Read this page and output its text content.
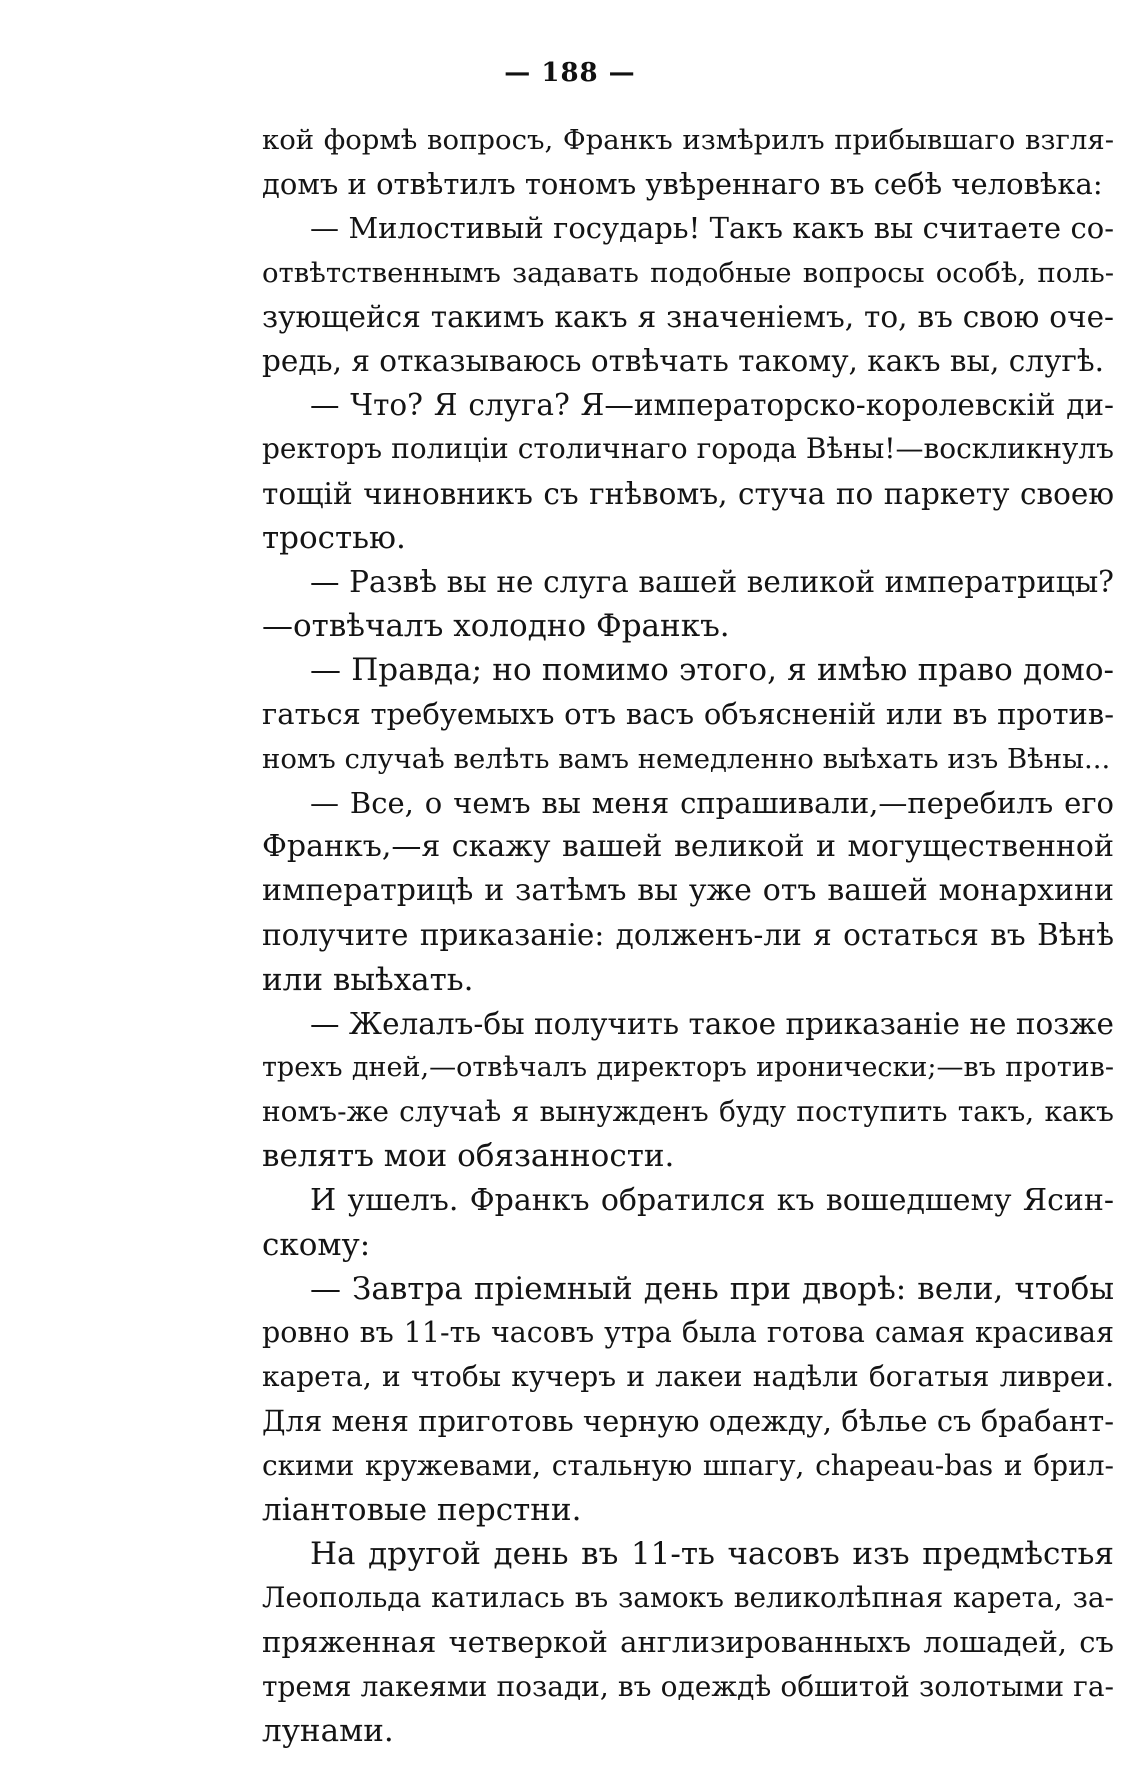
— 188 —
кой формѣ вопросъ, Франкъ измѣрилъ прибывшаго взгля-
домъ и отвѣтилъ тономъ увѣреннаго въ себѣ человѣка:
— Милостивый государь! Такъ какъ вы считаете со-
отвѣтственнымъ задавать подобные вопросы особѣ, поль-
зующейся такимъ какъ я значенiемъ, то, въ свою оче-
редь, я отказываюсь отвѣчать такому, какъ вы, слугѣ.
— Что? Я слуга? Я—императорско-королевскiй ди-
ректоръ полицiи столичнаго города Вѣны!—воскликнулъ
тощiй чиновникъ съ гнѣвомъ, стуча по паркету своею
тростью.
— Развѣ вы не слуга вашей великой императрицы?
—отвѣчалъ холодно Франкъ.
— Правда; но помимо этого, я имѣю право домо-
гаться требуемыхъ отъ васъ объясненiй или въ против-
номъ случаѣ велѣть вамъ немедленно выѣхать изъ Вѣны...
— Все, о чемъ вы меня спрашивали,—перебилъ его
Франкъ,—я скажу вашей великой и могущественной
императрицѣ и затѣмъ вы уже отъ вашей монархини
получите приказанiе: долженъ-ли я остаться въ Вѣнѣ
или выѣхать.
— Желалъ-бы получить такое приказанiе не позже
трехъ дней,—отвѣчалъ директоръ иронически;—въ против-
номъ-же случаѣ я вынужденъ буду поступить такъ, какъ
велятъ мои обязанности.
И ушелъ. Франкъ обратился къ вошедшему Ясин-
скому:
— Завтра прiемный день при дворѣ: вели, чтобы
ровно въ 11-ть часовъ утра была готова самая красивая
карета, и чтобы кучеръ и лакеи надѣли богатыя ливреи.
Для меня приготовь черную одежду, бѣлье съ брабант-
скими кружевами, стальную шпагу, chapeau-bas и брил-
лiантовые перстни.
На другой день въ 11-ть часовъ изъ предмѣстья
Леопольда катилась въ замокъ великолѣпная карета, за-
пряженная четверкой англизированныхъ лошадей, съ
тремя лакеями позади, въ одеждѣ обшитой золотыми га-
лунами.
